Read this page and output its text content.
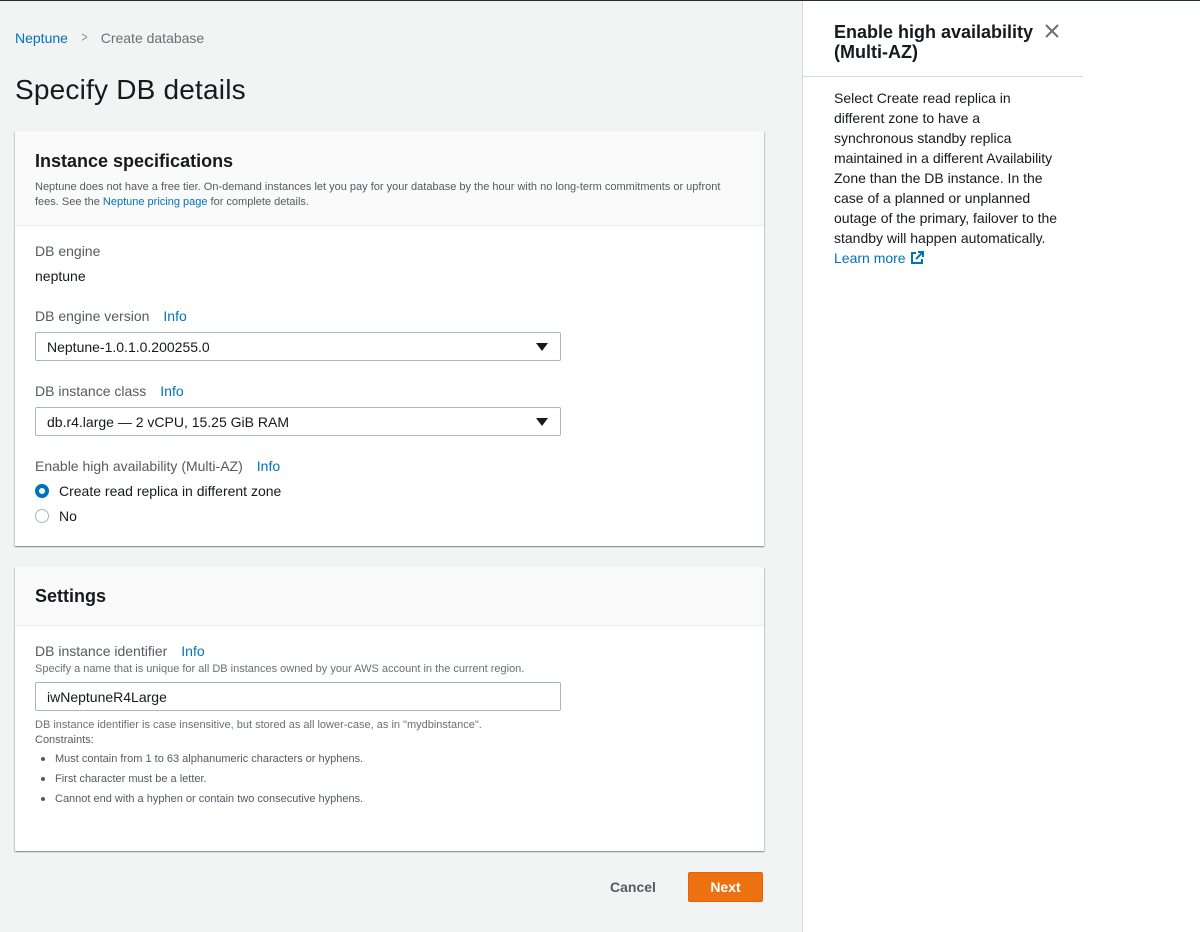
Neptune > Create database
Specify DB details
Instance specifications

Neptune does not have a free tier. On-demand instances let you pay for your database by the hour with no long-term commitments or upfront fees. See the Neptune pricing page for complete details.

DB engine
neptune
DB engine version Info
Neptune-1.0.1.0.200255.0
DB instance class Info
db.r4.large — 2 vCPU, 15.25 GiB RAM
Enable high availability (Multi-AZ) Info
Create read replica in different zone
No
Settings
DB instance identifier Info
Specify a name that is unique for all DB instances owned by your AWS account in the current region.
iwNeptuneR4Large
DB instance identifier is case insensitive, but stored as all lower-case, as in "mydbinstance".
Constraints:
Must contain from 1 to 63 alphanumeric characters or hyphens.
First character must be a letter.
Cannot end with a hyphen or contain two consecutive hyphens.
Cancel	Next
Enable high availability (Multi-AZ)
Select Create read replica in different zone to have a synchronous standby replica maintained in a different Availability Zone than the DB instance. In the case of a planned or unplanned outage of the primary, failover to the standby will happen automatically. Learn more
